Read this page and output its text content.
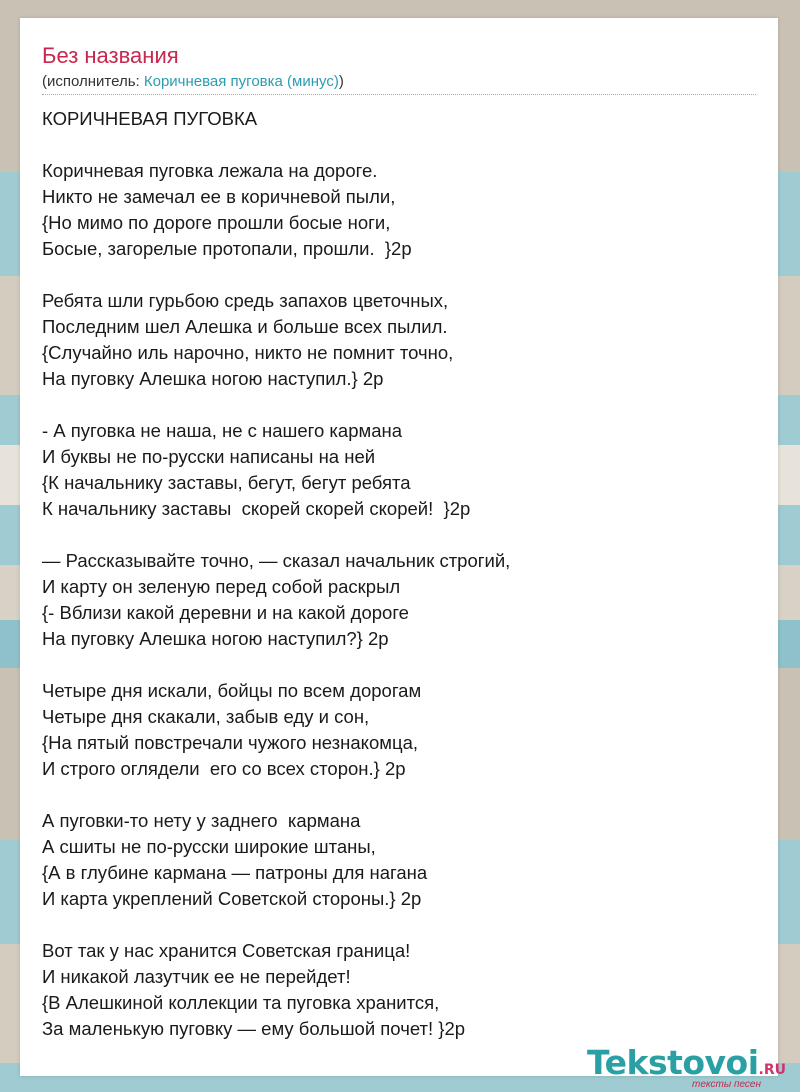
Без названия
(исполнитель: Коричневая пуговка (минус))
КОРИЧНЕВАЯ ПУГОВКА
Коричневая пуговка лежала на дороге.
Никто не замечал ее в коричневой пыли,
{Но мимо по дороге прошли босые ноги,
Босые, загорелые протопали, прошли.  }2р
Ребята шли гурьбою средь запахов цветочных,
Последним шел Алешка и больше всех пылил.
{Случайно иль нарочно, никто не помнит точно,
На пуговку Алешка ногою наступил.} 2р
- А пуговка не наша, не с нашего кармана
И буквы не по-русски написаны на ней
{К начальнику заставы, бегут, бегут ребята
К начальнику заставы  скорей скорей скорей!  }2р
— Рассказывайте точно, — сказал начальник строгий,
И карту он зеленую перед собой раскрыл
{- Вблизи какой деревни и на какой дороге
На пуговку Алешка ногою наступил?} 2р
Четыре дня искали, бойцы по всем дорогам
Четыре дня скакали, забыв еду и сон,
{На пятый повстречали чужого незнакомца,
И строго оглядели  его со всех сторон.} 2р
А пуговки-то нету у заднего  кармана
А сшиты не по-русски широкие штаны,
{А в глубине кармана — патроны для нагана
И карта укреплений Советской стороны.} 2р
Вот так у нас хранится Советская граница!
И никакой лазутчик ее не перейдет!
{В Алешкиной коллекции та пуговка хранится,
За маленькую пуговку — ему большой почет! }2р
Tekstovoi.RU
тексты песен
